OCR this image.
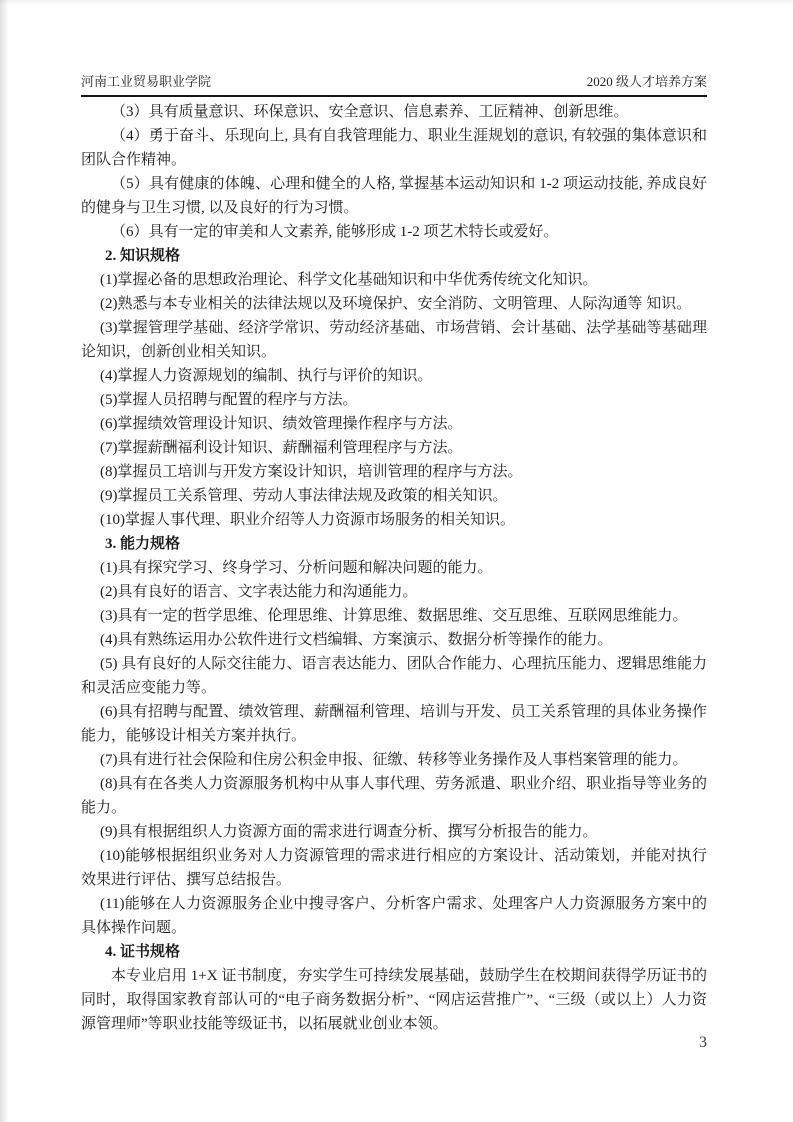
河南工业贸易职业学院	2020 级人才培养方案

（3）具有质量意识、环保意识、安全意识、信息素养、工匠精神、创新思维。

（4）勇于奋斗、乐现向上, 具有自我管理能力、职业生涯规划的意识, 有较强的集体意识和团队合作精神。

（5）具有健康的体魄、心理和健全的人格, 掌握基本运动知识和 1-2 项运动技能, 养成良好的健身与卫生习惯, 以及良好的行为习惯。

（6）具有一定的审美和人文素养, 能够形成 1-2 项艺术特长或爱好。

2. 知识规格

(1)掌握必备的思想政治理论、科学文化基础知识和中华优秀传统文化知识。

(2)熟悉与本专业相关的法律法规以及环境保护、安全消防、文明管理、人际沟通等 知识。

(3)掌握管理学基础、经济学常识、劳动经济基础、市场营销、会计基础、法学基础等基础理论知识，创新创业相关知识。

(4)掌握人力资源规划的编制、执行与评价的知识。

(5)掌握人员招聘与配置的程序与方法。

(6)掌握绩效管理设计知识、绩效管理操作程序与方法。

(7)掌握薪酬福利设计知识、薪酬福利管理程序与方法。

(8)掌握员工培训与开发方案设计知识，培训管理的程序与方法。

(9)掌握员工关系管理、劳动人事法律法规及政策的相关知识。

(10)掌握人事代理、职业介绍等人力资源市场服务的相关知识。

3. 能力规格

(1)具有探究学习、终身学习、分析问题和解决问题的能力。

(2)具有良好的语言、文字表达能力和沟通能力。

(3)具有一定的哲学思维、伦理思维、计算思维、数据思维、交互思维、互联网思维能力。

(4)具有熟练运用办公软件进行文档编辑、方案演示、数据分析等操作的能力。

(5) 具有良好的人际交往能力、语言表达能力、团队合作能力、心理抗压能力、逻辑思维能力和灵活应变能力等。

(6)具有招聘与配置、绩效管理、薪酬福利管理、培训与开发、员工关系管理的具体业务操作能力，能够设计相关方案并执行。

(7)具有进行社会保险和住房公积金申报、征缴、转移等业务操作及人事档案管理的能力。

(8)具有在各类人力资源服务机构中从事人事代理、劳务派遣、职业介绍、职业指导等业务的能力。

(9)具有根据组织人力资源方面的需求进行调查分析、撰写分析报告的能力。

(10)能够根据组织业务对人力资源管理的需求进行相应的方案设计、活动策划，并能对执行效果进行评估、撰写总结报告。

(11)能够在人力资源服务企业中搜寻客户、分析客户需求、处理客户人力资源服务方案中的具体操作问题。

4. 证书规格

本专业启用 1+X 证书制度，夯实学生可持续发展基础，鼓励学生在校期间获得学历证书的同时，取得国家教育部认可的“电子商务数据分析”、“网店运营推广”、“三级（或以上）人力资源管理师”等职业技能等级证书，以拓展就业创业本领。

3
